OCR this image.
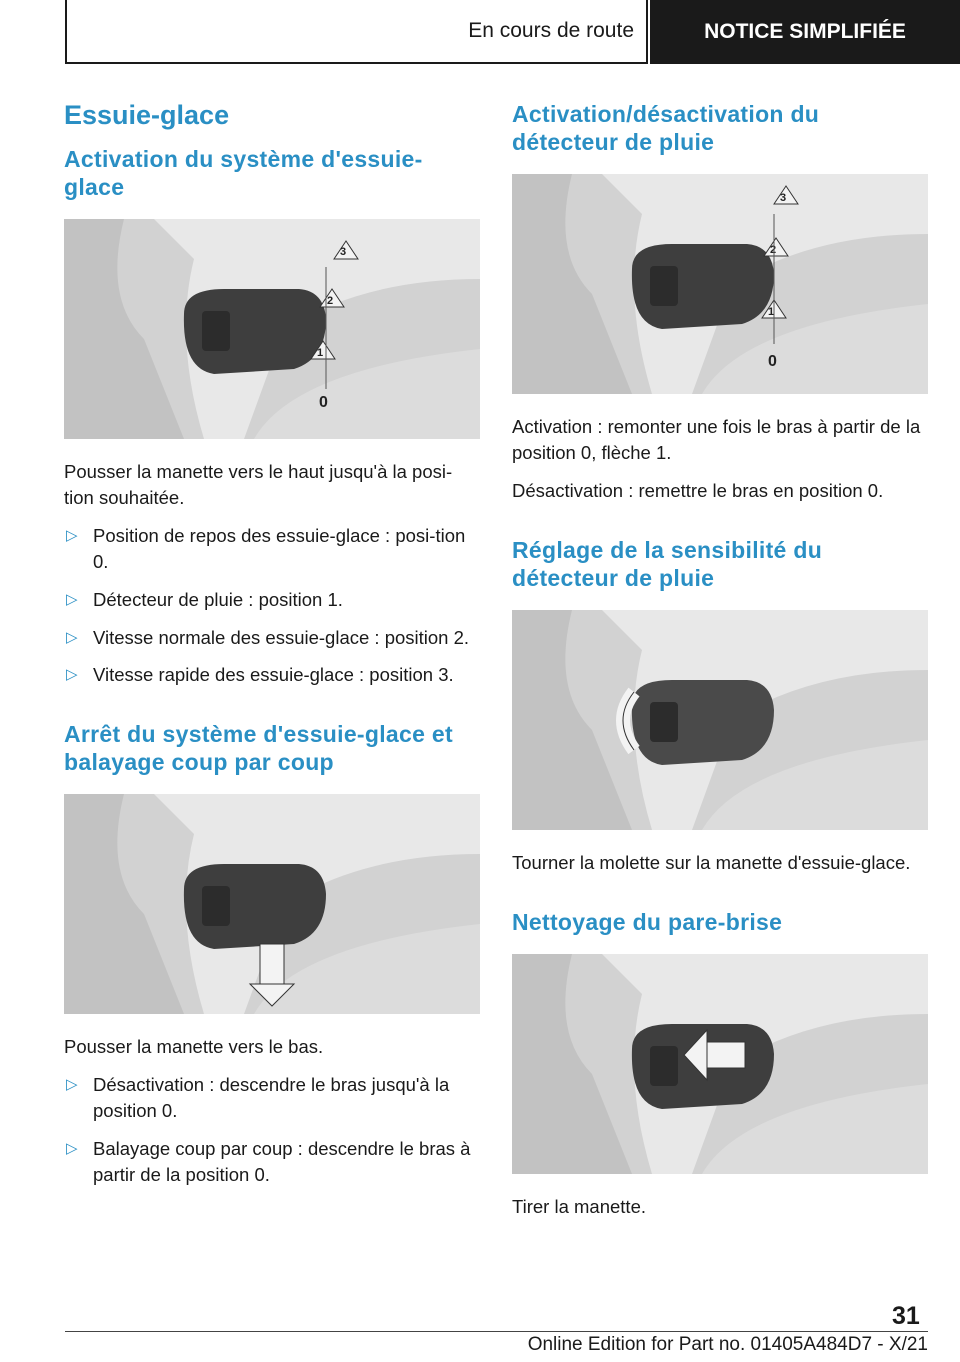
En cours de route	NOTICE SIMPLIFIÉE
Essuie-glace
Activation du système d'essuie-glace
3
2
1
0

Pousser la manette vers le haut jusqu'à la posi‐tion souhaitée.

▷ Position de repos des essuie-glace : posi‐tion 0.
▷ Détecteur de pluie : position 1.
▷ Vitesse normale des essuie-glace : position 2.
▷ Vitesse rapide des essuie-glace : position 3.
Arrêt du système d'essuie-glace et balayage coup par coup

Pousser la manette vers le bas.

▷ Désactivation : descendre le bras jusqu'à la position 0.
▷ Balayage coup par coup : descendre le bras à partir de la position 0.
Activation/désactivation du détecteur de pluie
3
2
1
0

Activation : remonter une fois le bras à partir de la position 0, flèche 1.

Désactivation : remettre le bras en position 0.

Réglage de la sensibilité du détecteur de pluie

Tourner la molette sur la manette d'essuie-glace.

Nettoyage du pare-brise

Tirer la manette.

31
Online Edition for Part no. 01405A484D7 - X/21
